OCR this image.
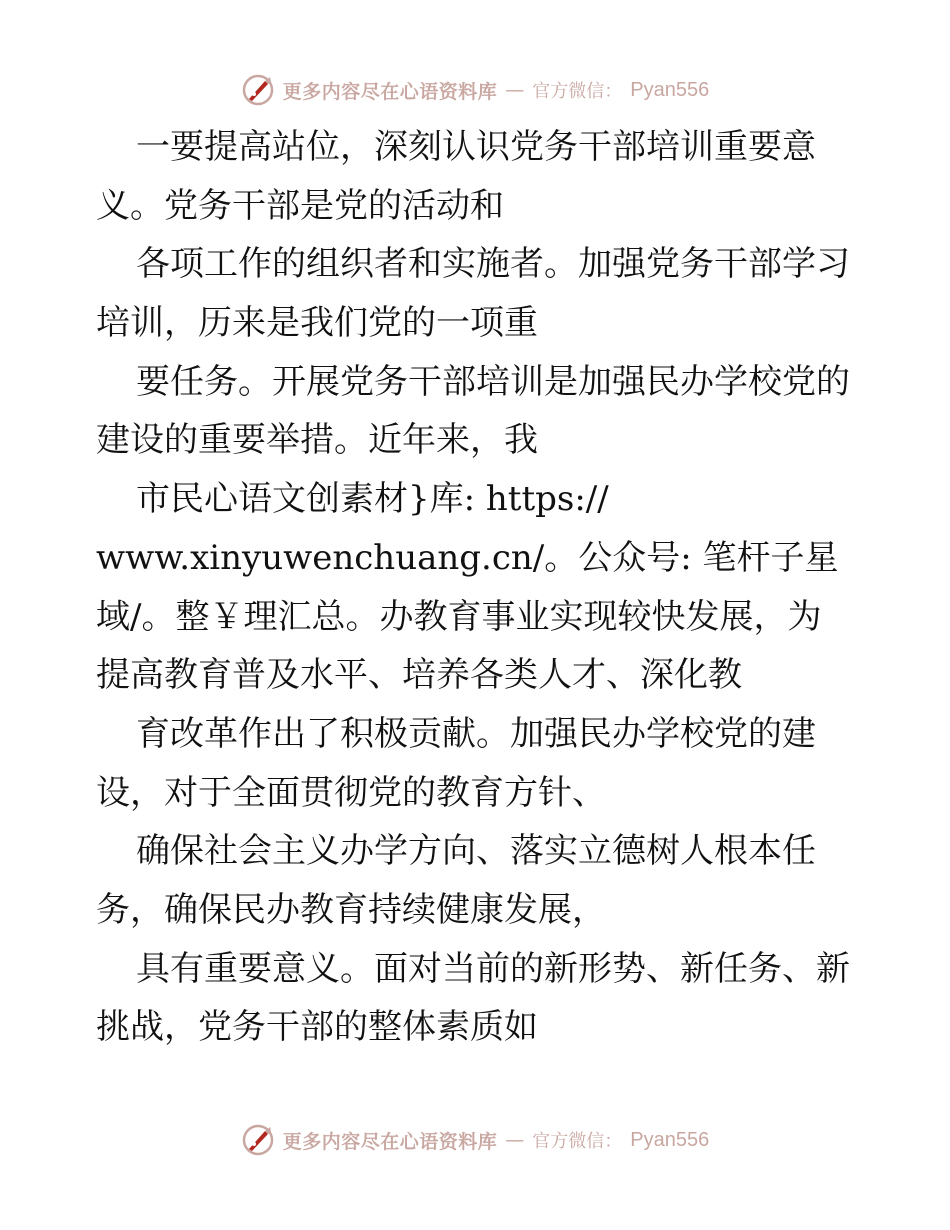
更多内容尽在心语资料库 — 官方微信： Pyan556
一要提高站位，深刻认识党务干部培训重要意
义。党务干部是党的活动和
各项工作的组织者和实施者。加强党务干部学习
培训，历来是我们党的一项重
要任务。开展党务干部培训是加强民办学校党的
建设的重要举措。近年来，我
市民心语文创素材}库: https://
www.xinyuwenchuang.cn/。公众号: 笔杆子星
域/。整￥理汇总。办教育事业实现较快发展，为
提高教育普及水平、培养各类人才、深化教
育改革作出了积极贡献。加强民办学校党的建
设，对于全面贯彻党的教育方针、
确保社会主义办学方向、落实立德树人根本任
务，确保民办教育持续健康发展，
具有重要意义。面对当前的新形势、新任务、新
挑战，党务干部的整体素质如
更多内容尽在心语资料库 — 官方微信： Pyan556
